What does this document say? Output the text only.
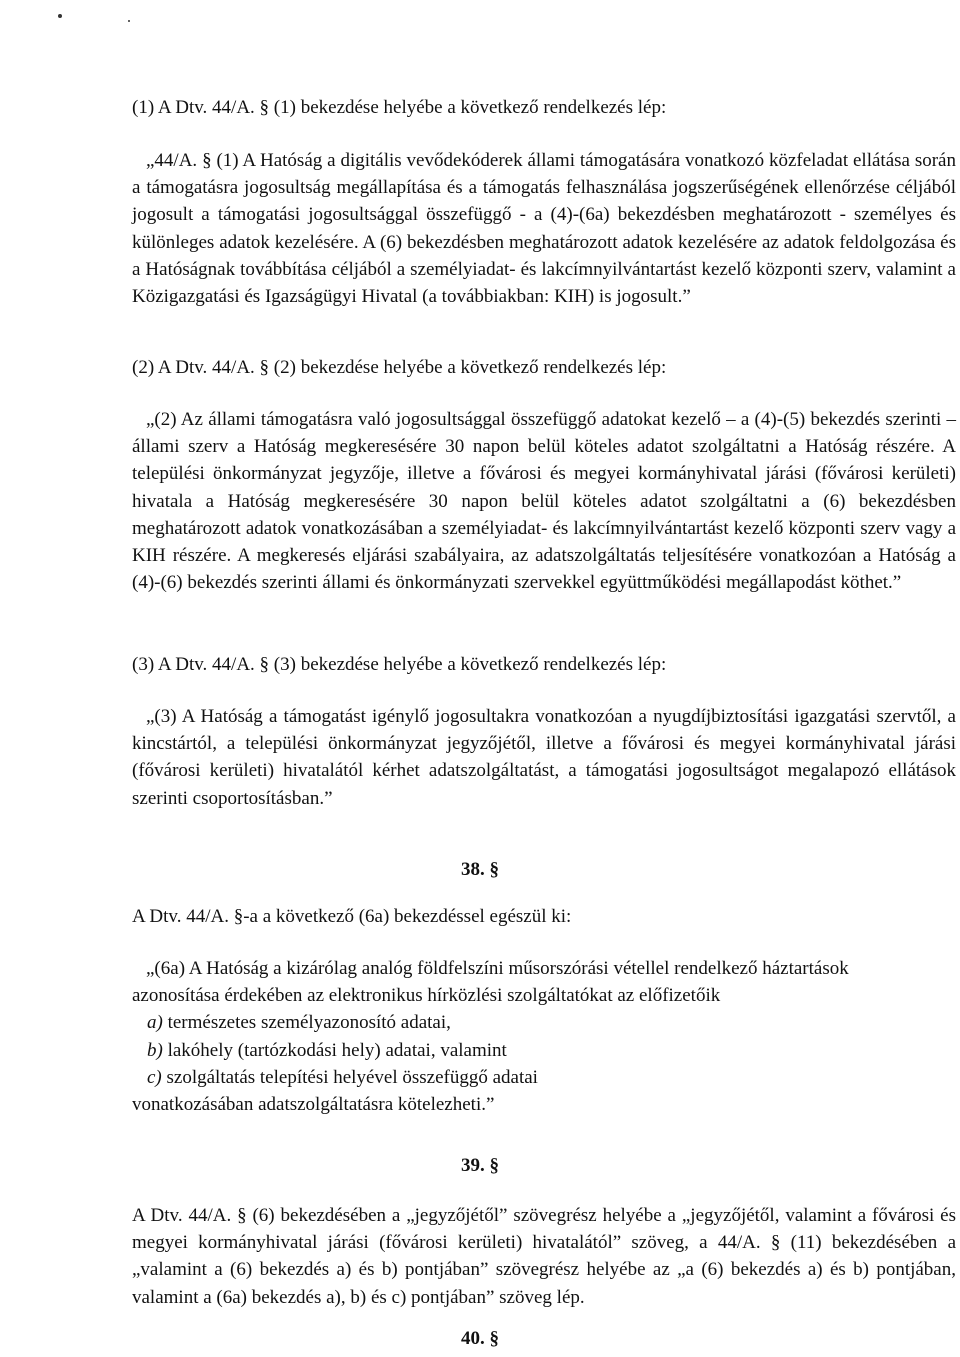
(1) A Dtv. 44/A. § (1) bekezdése helyébe a következő rendelkezés lép:
„44/A. § (1) A Hatóság a digitális vevődekóderek állami támogatására vonatkozó közfeladat ellátása során a támogatásra jogosultság megállapítása és a támogatás felhasználása jogszerűségének ellenőrzése céljából jogosult a támogatási jogosultsággal összefüggő - a (4)-(6a) bekezdésben meghatározott - személyes és különleges adatok kezelésére. A (6) bekezdésben meghatározott adatok kezelésére az adatok feldolgozása és a Hatóságnak továbbítása céljából a személyiadat- és lakcímnyilvántartást kezelő központi szerv, valamint a Közigazgatási és Igazságügyi Hivatal (a továbbiakban: KIH) is jogosult.”
(2) A Dtv. 44/A. § (2) bekezdése helyébe a következő rendelkezés lép:
„(2) Az állami támogatásra való jogosultsággal összefüggő adatokat kezelő – a (4)-(5) bekezdés szerinti – állami szerv a Hatóság megkeresésére 30 napon belül köteles adatot szolgáltatni a Hatóság részére. A települési önkormányzat jegyzője, illetve a fővárosi és megyei kormányhivatal járási (fővárosi kerületi) hivatala a Hatóság megkeresésére 30 napon belül köteles adatot szolgáltatni a (6) bekezdésben meghatározott adatok vonatkozásában a személyiadat- és lakcímnyilvántartást kezelő központi szerv vagy a KIH részére. A megkeresés eljárási szabályaira, az adatszolgáltatás teljesítésére vonatkozóan a Hatóság a (4)-(6) bekezdés szerinti állami és önkormányzati szervekkel együttműködési megállapodást köthet.”
(3) A Dtv. 44/A. § (3) bekezdése helyébe a következő rendelkezés lép:
„(3) A Hatóság a támogatást igénylő jogosultakra vonatkozóan a nyugdíjbiztosítási igazgatási szervtől, a kincstártól, a települési önkormányzat jegyzőjétől, illetve a fővárosi és megyei kormányhivatal járási (fővárosi kerületi) hivatalától kérhet adatszolgáltatást, a támogatási jogosultságot megalapozó ellátások szerinti csoportosításban.”
38. §
A Dtv. 44/A. §-a a következő (6a) bekezdéssel egészül ki:
„(6a) A Hatóság a kizárólag analóg földfelszíni műsorszórási vétellel rendelkező háztartások
azonosítása érdekében az elektronikus hírközlési szolgáltatókat az előfizetőik
a) természetes személyazonosító adatai,
b) lakóhely (tartózkodási hely) adatai, valamint
c) szolgáltatás telepítési helyével összefüggő adatai
vonatkozásában adatszolgáltatásra kötelezheti.”
39. §
A Dtv. 44/A. § (6) bekezdésében a „jegyzőjétől” szövegrész helyébe a „jegyzőjétől, valamint a fővárosi és megyei kormányhivatal járási (fővárosi kerületi) hivatalától” szöveg, a 44/A. § (11) bekezdésében a „valamint a (6) bekezdés a) és b) pontjában” szövegrész helyébe az „a (6) bekezdés a) és b) pontjában, valamint a (6a) bekezdés a), b) és c) pontjában” szöveg lép.
40. §
